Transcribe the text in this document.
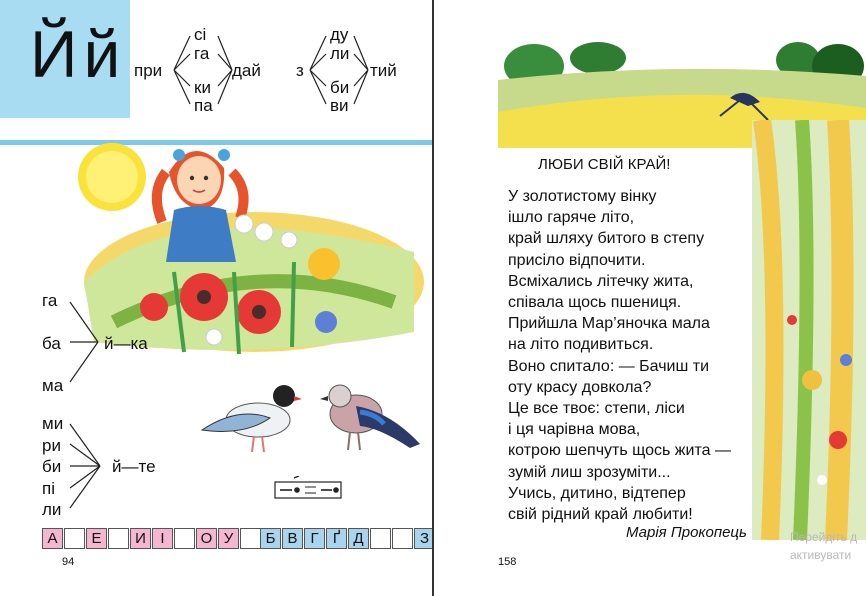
Йй при
сі
га
ки
па
дай з
ду
ли
би
ви
тий
га
ба
ма
й—ка
ми
ри
би
пі
ли
й—те
А	Е	И І	О У	Б В Г Ґ Д	З
94
ЛЮБИ СВІЙ КРАЙ!
У золотистому вінку
ішло гаряче літо,
край шляху битого в степу
присіло відпочити.
Всміхались літечку жита,
співала щось пшениця.
Прийшла Мар’яночка мала
на літо подивиться.
Воно спитало: — Бачиш ти
оту красу довкола?
Це все твоє: степи, ліси
і ця чарівна мова,
котрою шепчуть щось жита —
зумій лиш зрозуміти...
Учись, дитино, відтепер
свій рідний край любити!
Марія Прокопець
158
Перейдіть д
активувати
